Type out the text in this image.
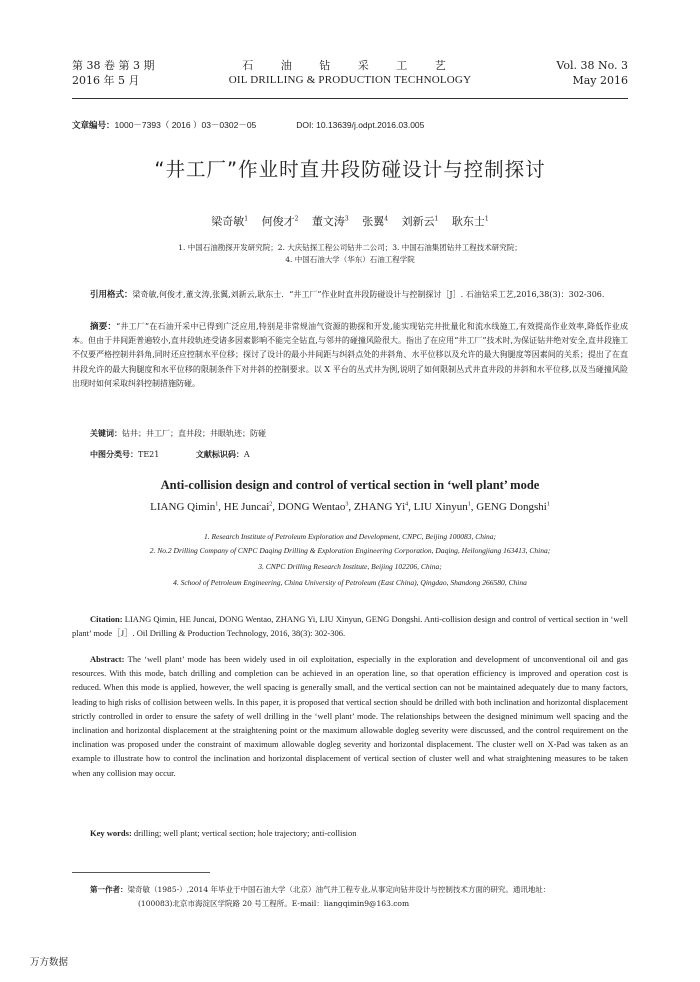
第 38 卷 第 3 期
2016 年 5 月
石 油 钻 采 工 艺
OIL DRILLING & PRODUCTION TECHNOLOGY
Vol. 38 No. 3
May 2016
文章编号：1000－7393（ 2016 ）03－0302－05	DOI: 10.13639/j.odpt.2016.03.005
“井工厂”作业时直井段防碰设计与控制探讨
梁奇敏$^1$ 何俊才$^2$ 董文涛$^3$ 张翼$^4$ 刘新云$^1$ 耿东士$^1$
1. 中国石油勘探开发研究院；2. 大庆钻探工程公司钻井二公司；3. 中国石油集团钻井工程技术研究院；
4. 中国石油大学（华东）石油工程学院
引用格式：梁奇敏,何俊才,董文涛,张翼,刘新云,耿东士．“井工厂”作业时直井段防碰设计与控制探讨［J］. 石油钻采工艺,2016,38(3)：302-306.
摘要：“井工厂”在石油开采中已得到广泛应用,特别是非常规油气资源的勘探和开发,能实现钻完井批量化和流水线施工,有效提高作业效率,降低作业成本。但由于井间距普遍较小,直井段轨迹受诸多因素影响不能完全钻直,与邻井的碰撞风险很大。指出了在应用“井工厂”技术时,为保证钻井绝对安全,直井段施工不仅要严格控制井斜角,同时还应控制水平位移；探讨了设计的最小井间距与纠斜点处的井斜角、水平位移以及允许的最大狗腿度等因素间的关系；提出了在直井段允许的最大狗腿度和水平位移的限制条件下对井斜的控制要求。以 X 平台的丛式井为例,说明了如何限制丛式井直井段的井斜和水平位移,以及当碰撞风险出现时如何采取纠斜控制措施防碰。
关键词：钻井；井工厂；直井段；井眼轨迹；防碰
中图分类号：TE21	文献标识码：A
Anti-collision design and control of vertical section in ‘well plant’ mode
LIANG Qimin$^1$, HE Juncai$^2$, DONG Wentao$^3$, ZHANG Yi$^4$, LIU Xinyun$^1$, GENG Dongshi$^1$
1. Research Institute of Petroleum Exploration and Development, CNPC, Beijing 100083, China;
2. No.2 Drilling Company of CNPC Daqing Drilling & Exploration Engineering Corporation, Daqing, Heilongjiang 163413, China;
3. CNPC Drilling Research Institute, Beijing 102206, China;
4. School of Petroleum Engineering, China University of Petroleum (East China), Qingdao, Shandong 266580, China
Citation: LIANG Qimin, HE Juncai, DONG Wentao, ZHANG Yi, LIU Xinyun, GENG Dongshi. Anti-collision design and control of vertical section in ‘well plant’ mode［J］. Oil Drilling & Production Technology, 2016, 38(3): 302-306.
Abstract: The ‘well plant’ mode has been widely used in oil exploitation, especially in the exploration and development of unconventional oil and gas resources. With this mode, batch drilling and completion can be achieved in an operation line, so that operation efficiency is improved and operation cost is reduced. When this mode is applied, however, the well spacing is generally small, and the vertical section can not be maintained adequately due to many factors, leading to high risks of collision between wells. In this paper, it is proposed that vertical section should be drilled with both inclination and horizontal displacement strictly controlled in order to ensure the safety of well drilling in the ‘well plant’ mode. The relationships between the designed minimum well spacing and the inclination and horizontal displacement at the straightening point or the maximum allowable dogleg severity were discussed, and the control requirement on the inclination was proposed under the constraint of maximum allowable dogleg severity and horizontal displacement. The cluster well on X-Pad was taken as an example to illustrate how to control the inclination and horizontal displacement of vertical section of cluster well and what straightening measures to be taken when any collision may occur.
Key words: drilling; well plant; vertical section; hole trajectory; anti-collision
第一作者：梁奇敏（1985-）,2014 年毕业于中国石油大学（北京）油气井工程专业,从事定向钻井设计与控制技术方面的研究。通讯地址：
(100083)北京市海淀区学院路 20 号工程所。E-mail：liangqimin9@163.com
万方数据
